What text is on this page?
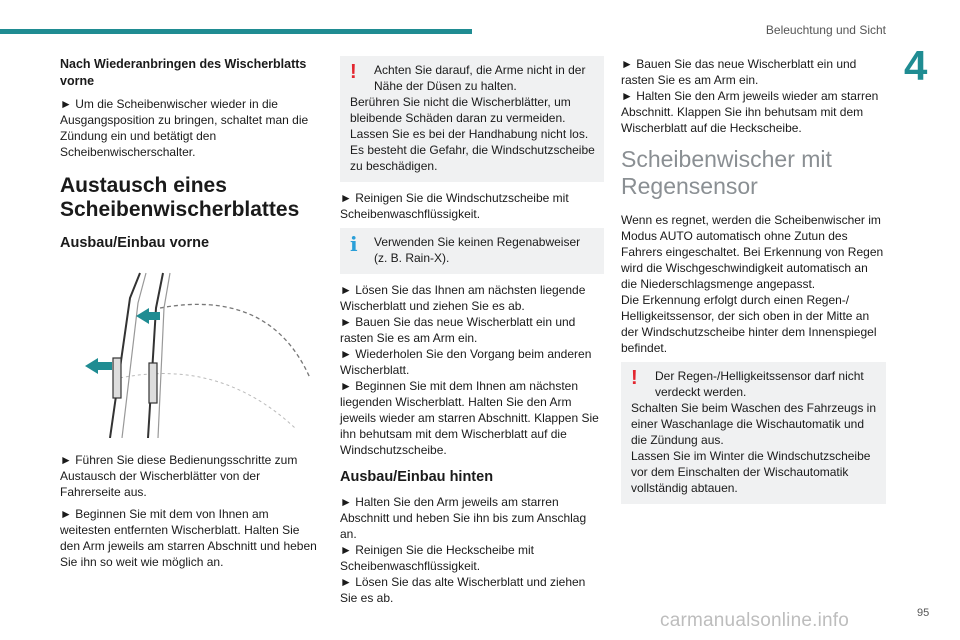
Beleuchtung und Sicht
4
Nach Wiederanbringen des Wischerblatts vorne

► Um die Scheibenwischer wieder in die Ausgangsposition zu bringen, schaltet man die Zündung ein und betätigt den Scheibenwischerschalter.

Austausch eines Scheibenwischerblattes
Ausbau/Einbau vorne

► Führen Sie diese Bedienungsschritte zum Austausch der Wischerblätter von der Fahrerseite aus.

► Beginnen Sie mit dem von Ihnen am weitesten entfernten Wischerblatt. Halten Sie den Arm jeweils am starren Abschnitt und heben Sie ihn so weit wie möglich an.

!	Achten Sie darauf, die Arme nicht in der Nähe der Düsen zu halten.
Berühren Sie nicht die Wischerblätter, um bleibende Schäden daran zu vermeiden.
Lassen Sie es bei der Handhabung nicht los. Es besteht die Gefahr, die Windschutzscheibe zu beschädigen.

► Reinigen Sie die Windschutzscheibe mit Scheibenwaschflüssigkeit.

i	Verwenden Sie keinen Regenabweiser (z. B. Rain-X).

► Lösen Sie das Ihnen am nächsten liegende Wischerblatt und ziehen Sie es ab.

► Bauen Sie das neue Wischerblatt ein und rasten Sie es am Arm ein.

► Wiederholen Sie den Vorgang beim anderen Wischerblatt.

► Beginnen Sie mit dem Ihnen am nächsten liegenden Wischerblatt. Halten Sie den Arm jeweils wieder am starren Abschnitt. Klappen Sie ihn behutsam mit dem Wischerblatt auf die Windschutzscheibe.

Ausbau/Einbau hinten

► Halten Sie den Arm jeweils am starren Abschnitt und heben Sie ihn bis zum Anschlag an.

► Reinigen Sie die Heckscheibe mit Scheibenwaschflüssigkeit.

► Lösen Sie das alte Wischerblatt und ziehen Sie es ab.

► Bauen Sie das neue Wischerblatt ein und rasten Sie es am Arm ein.

► Halten Sie den Arm jeweils wieder am starren Abschnitt. Klappen Sie ihn behutsam mit dem Wischerblatt auf die Heckscheibe.

Scheibenwischer mit Regensensor

Wenn es regnet, werden die Scheibenwischer im Modus AUTO automatisch ohne Zutun des Fahrers eingeschaltet. Bei Erkennung von Regen wird die Wischgeschwindigkeit automatisch an die Niederschlagsmenge angepasst.

Die Erkennung erfolgt durch einen Regen-/ Helligkeitssensor, der sich oben in der Mitte an der Windschutzscheibe hinter dem Innenspiegel befindet.

!	Der Regen-/Helligkeitssensor darf nicht verdeckt werden.
Schalten Sie beim Waschen des Fahrzeugs in einer Waschanlage die Wischautomatik und die Zündung aus.
Lassen Sie im Winter die Windschutzscheibe vor dem Einschalten der Wischautomatik vollständig abtauen.
carmanualsonline.info	95
